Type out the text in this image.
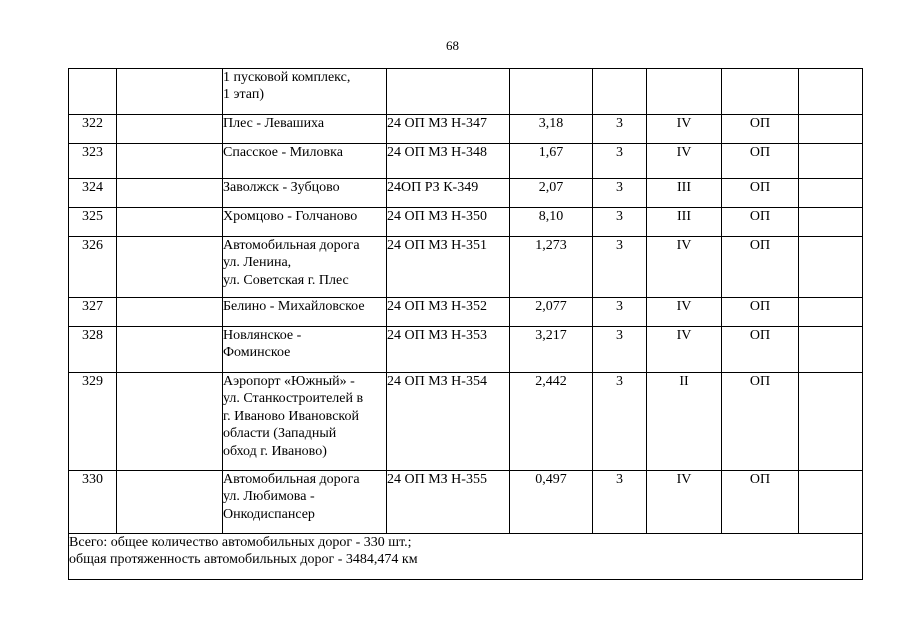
68

		1 пусковой комплекс,
1 этап)						

322		Плес - Левашиха	24 ОП МЗ Н-347	3,18	3	IV	ОП	
323		Спасское - Миловка	24 ОП МЗ Н-348	1,67	3	IV	ОП	
324		Заволжск - Зубцово	24ОП РЗ К-349	2,07	3	III	ОП	
325		Хромцово - Голчаново	24 ОП МЗ Н-350	8,10	3	III	ОП	
326		Автомобильная дорога
ул. Ленина,
ул. Советская г. Плес	24 ОП МЗ Н-351	1,273	3	IV	ОП	
327		Белино - Михайловское	24 ОП МЗ Н-352	2,077	3	IV	ОП	
328		Новлянское -
Фоминское	24 ОП МЗ Н-353	3,217	3	IV	ОП	
329		Аэропорт «Южный» -
ул. Станкостроителей в
г. Иваново Ивановской
области (Западный
обход г. Иваново)	24 ОП МЗ Н-354	2,442	3	II	ОП	
330		Автомобильная дорога
ул. Любимова -
Онкодиспансер	24 ОП МЗ Н-355	0,497	3	IV	ОП	

Всего: общее количество автомобильных дорог - 330 шт.;
общая протяженность автомобильных дорог - 3484,474 км								
